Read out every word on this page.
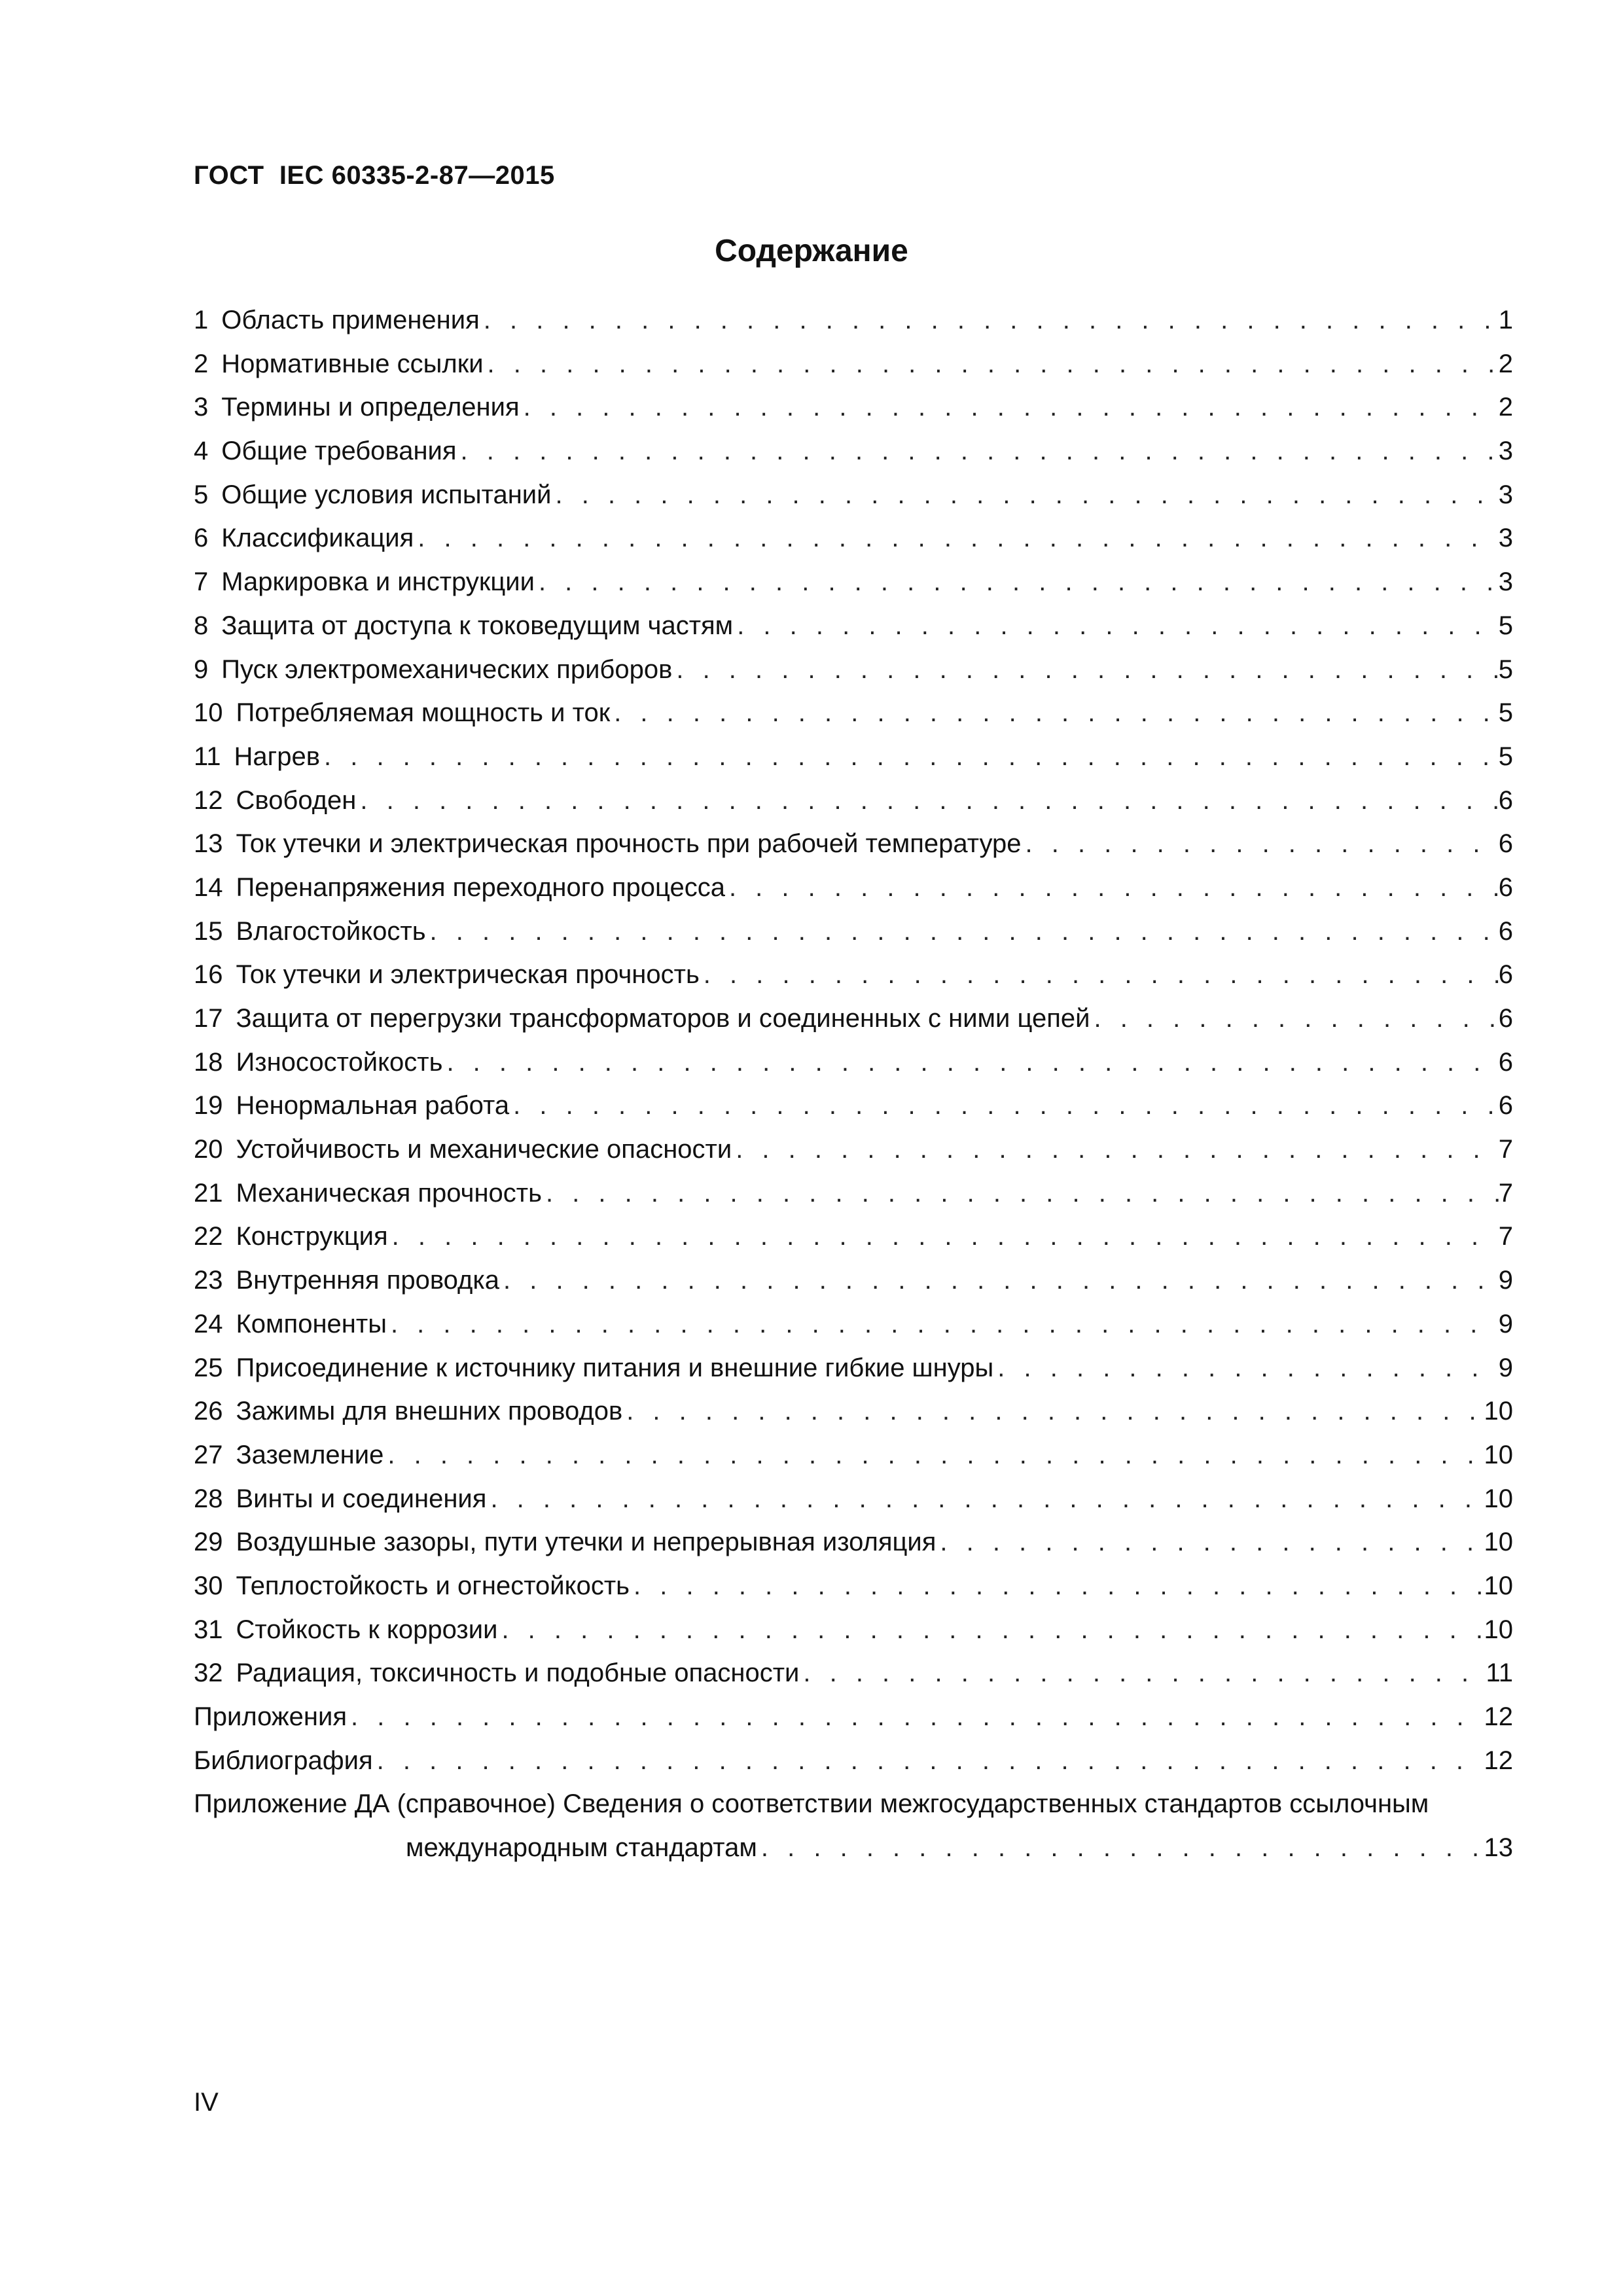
ГОСТ  IEC 60335-2-87—2015
Содержание
1 Область применения . . .	1
2 Нормативные ссылки . . .	2
3 Термины и определения . . .	2
4 Общие требования . . .	3
5 Общие условия испытаний . . .	3
6 Классификация . . .	3
7 Маркировка и инструкции . . .	3
8 Защита от доступа к токоведущим частям . . .	5
9 Пуск электромеханических приборов . . .	5
10 Потребляемая мощность и ток . . .	5
11 Нагрев . . .	5
12 Свободен . . .	6
13 Ток утечки и электрическая прочность при рабочей температуре . . .	6
14 Перенапряжения переходного процесса . . .	6
15 Влагостойкость . . .	6
16 Ток утечки и электрическая прочность . . .	6
17 Защита от перегрузки трансформаторов и соединенных с ними цепей . . .	6
18 Износостойкость . . .	6
19 Ненормальная работа . . .	6
20 Устойчивость и механические опасности . . .	7
21 Механическая прочность . . .	7
22 Конструкция . . .	7
23 Внутренняя проводка . . .	9
24 Компоненты . . .	9
25 Присоединение к источнику питания и внешние гибкие шнуры . . .	9
26 Зажимы для внешних проводов . . .	10
27 Заземление . . .	10
28 Винты и соединения . . .	10
29 Воздушные зазоры, пути утечки и непрерывная изоляция . . .	10
30 Теплостойкость и огнестойкость . . .	10
31 Стойкость к коррозии . . .	10
32 Радиация, токсичность и подобные опасности . . .	11
Приложения . . .	12
Библиография . . .	12
Приложение ДА (справочное) Сведения о соответствии межгосударственных стандартов ссылочным
международным стандартам . . .	13
IV
